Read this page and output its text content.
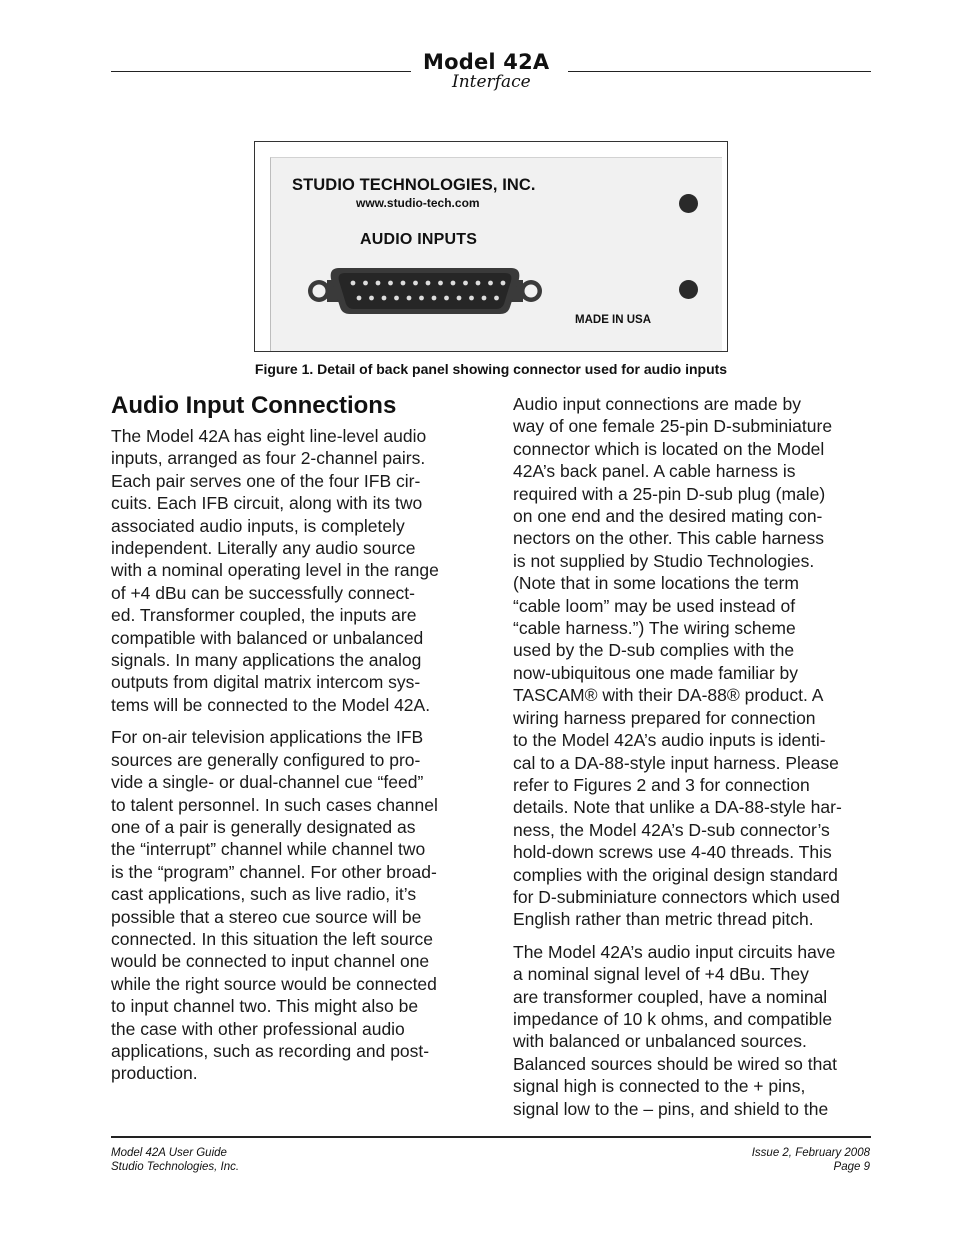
Model 42A
Interface
STUDIO TECHNOLOGIES, INC.
www.studio-tech.com
AUDIO INPUTS
MADE IN USA
Figure 1. Detail of back panel showing connector used for audio inputs
Audio Input Connections

The Model 42A has eight line-level audio
inputs, arranged as four 2-channel pairs.
Each pair serves one of the four IFB cir-
cuits. Each IFB circuit, along with its two
associated audio inputs, is completely
independent. Literally any audio source
with a nominal operating level in the range
of +4 dBu can be successfully connect-
ed. Transformer coupled, the inputs are
compatible with balanced or unbalanced
signals. In many applications the analog
outputs from digital matrix intercom sys-
tems will be connected to the Model 42A.

For on-air television applications the IFB
sources are generally configured to pro-
vide a single- or dual-channel cue “feed”
to talent personnel. In such cases channel
one of a pair is generally designated as
the “interrupt” channel while channel two
is the “program” channel. For other broad-
cast applications, such as live radio, it’s
possible that a stereo cue source will be
connected. In this situation the left source
would be connected to input channel one
while the right source would be connected
to input channel two. This might also be
the case with other professional audio
applications, such as recording and post-
production.

Audio input connections are made by
way of one female 25-pin D-subminiature
connector which is located on the Model
42A’s back panel. A cable harness is
required with a 25-pin D-sub plug (male)
on one end and the desired mating con-
nectors on the other. This cable harness
is not supplied by Studio Technologies.
(Note that in some locations the term
“cable loom” may be used instead of
“cable harness.”) The wiring scheme
used by the D-sub complies with the
now-ubiquitous one made familiar by
TASCAM® with their DA-88® product. A
wiring harness prepared for connection
to the Model 42A’s audio inputs is identi-
cal to a DA-88-style input harness. Please
refer to Figures 2 and 3 for connection
details. Note that unlike a DA-88-style har-
ness, the Model 42A’s D-sub connector’s
hold-down screws use 4-40 threads. This
complies with the original design standard
for D-subminiature connectors which used
English rather than metric thread pitch.

The Model 42A’s audio input circuits have
a nominal signal level of +4 dBu. They
are transformer coupled, have a nominal
impedance of 10 k ohms, and compatible
with balanced or unbalanced sources.
Balanced sources should be wired so that
signal high is connected to the + pins,
signal low to the – pins, and shield to the

Model 42A User Guide
Studio Technologies, Inc.
Issue 2, February 2008
Page 9
